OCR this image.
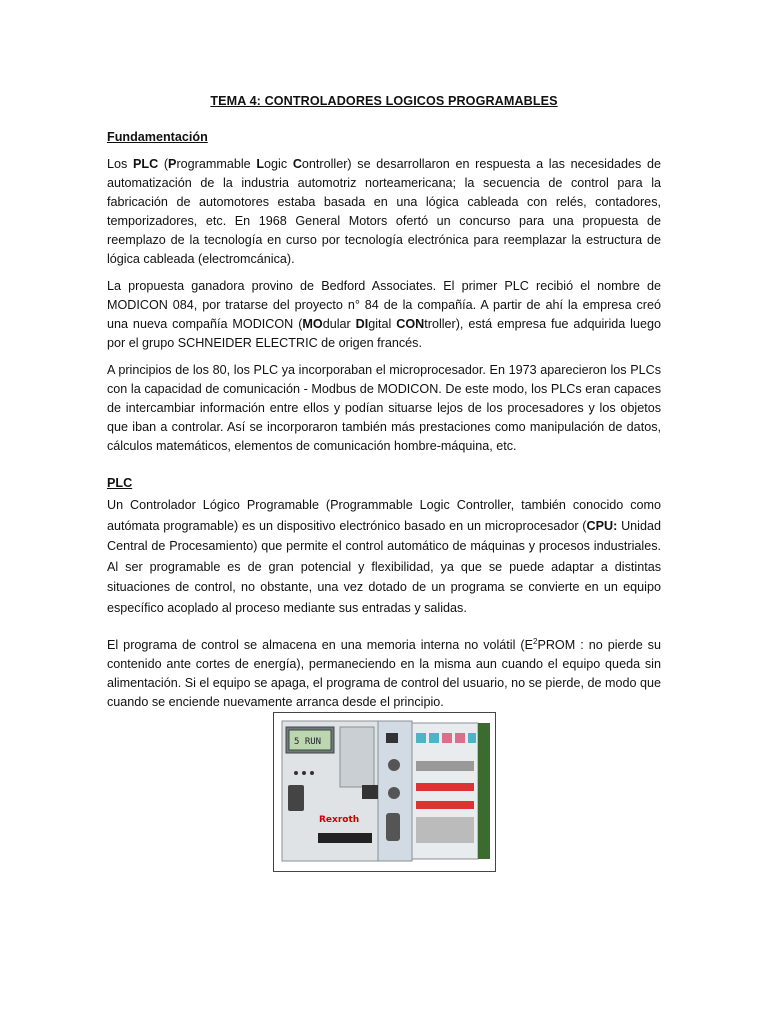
TEMA 4: CONTROLADORES LOGICOS PROGRAMABLES
Fundamentación

Los PLC (Programmable Logic Controller) se desarrollaron en respuesta a las necesidades de automatización de la industria automotriz norteamericana; la secuencia de control para la fabricación de automotores estaba basada en una lógica cableada con relés, contadores, temporizadores, etc. En 1968 General Motors ofertó un concurso para una propuesta de reemplazo de la tecnología en curso por tecnología electrónica para reemplazar la estructura de lógica cableada (electromcánica).

La propuesta ganadora provino de Bedford Associates. El primer PLC recibió el nombre de MODICON 084, por tratarse del proyecto n° 84 de la compañía. A partir de ahí la empresa creó una nueva compañía MODICON (MOdular DIgital CONtroller), está empresa fue adquirida luego por el grupo SCHNEIDER ELECTRIC de origen francés.

A principios de los 80, los PLC ya incorporaban el microprocesador. En 1973 aparecieron los PLCs con la capacidad de comunicación - Modbus de MODICON. De este modo, los PLCs eran capaces de intercambiar información entre ellos y podían situarse lejos de los procesadores y los objetos que iban a controlar. Así se incorporaron también más prestaciones como manipulación de datos, cálculos matemáticos, elementos de comunicación hombre-máquina, etc.

PLC

Un Controlador Lógico Programable (Programmable Logic Controller, también conocido como autómata programable) es un dispositivo electrónico basado en un microprocesador (CPU: Unidad Central de Procesamiento) que permite el control automático de máquinas y procesos industriales. Al ser programable es de gran potencial y flexibilidad, ya que se puede adaptar a distintas situaciones de control, no obstante, una vez dotado de un programa se convierte en un equipo específico acoplado al proceso mediante sus entradas y salidas.

El programa de control se almacena en una memoria interna no volátil ($E^2PROM$ : no pierde su contenido ante cortes de energía), permaneciendo en la misma aun cuando el equipo queda sin alimentación. Si el equipo se apaga, el programa de control del usuario, no se pierde, de modo que cuando se enciende nuevamente arranca desde el principio.

5 RUN
Rexroth
